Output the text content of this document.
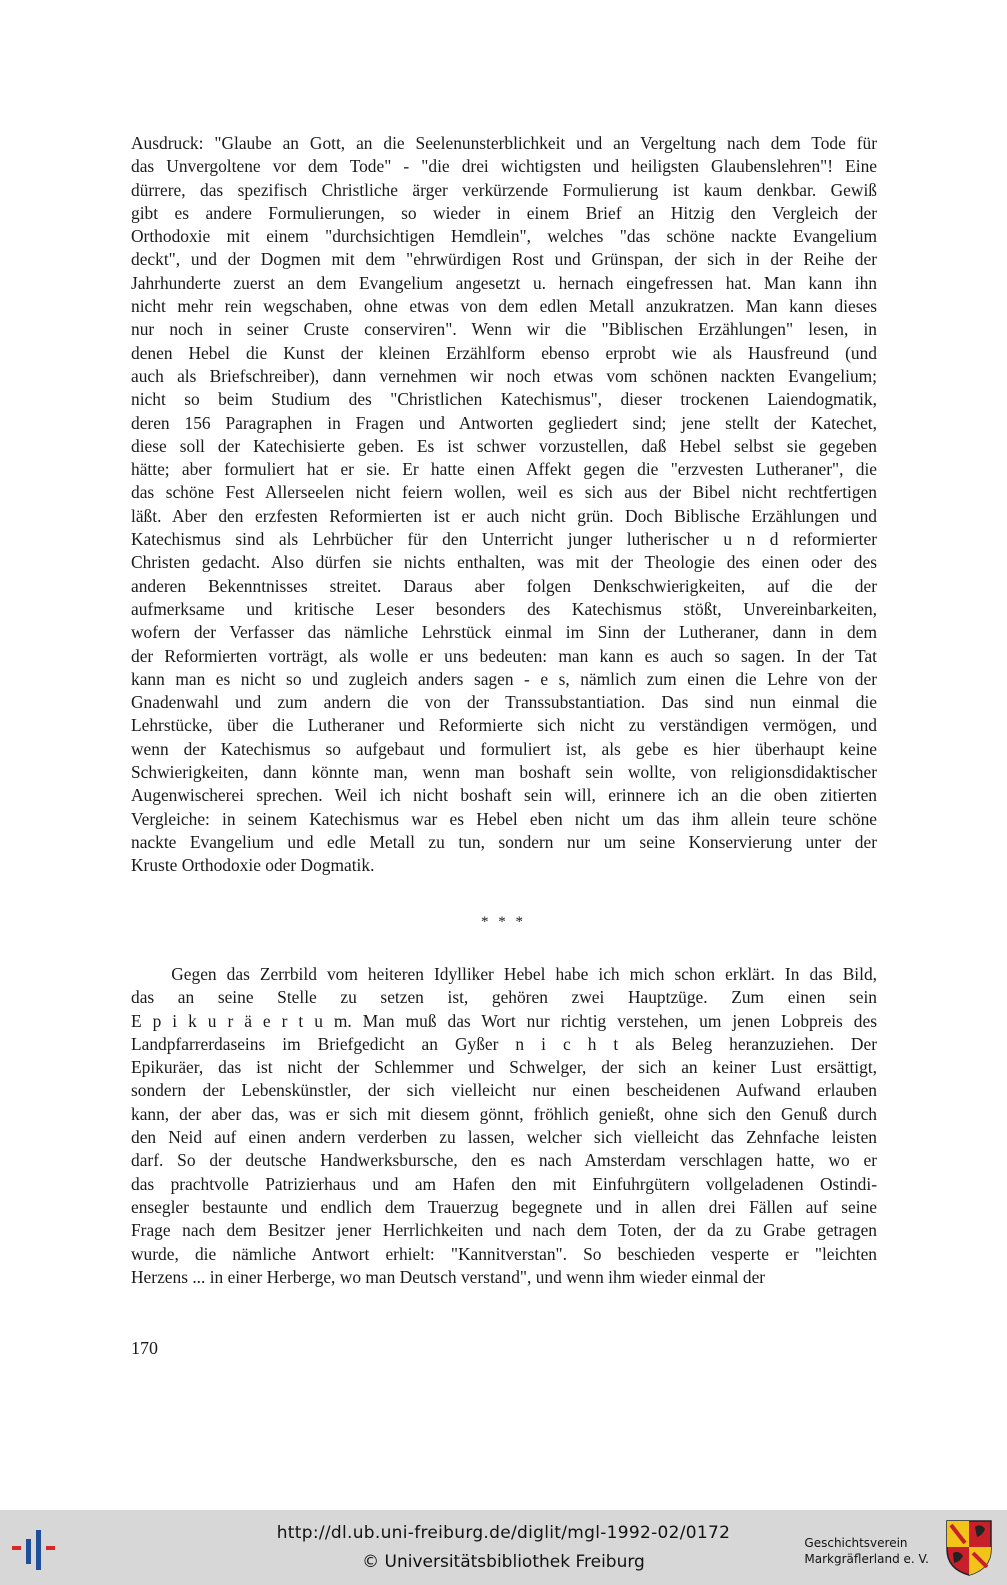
Ausdruck: "Glaube an Gott, an die Seelenunsterblichkeit und an Vergeltung nach dem Tode für
das Unvergoltene vor dem Tode" - "die drei wichtigsten und heiligsten Glaubenslehren"! Eine
dürrere, das spezifisch Christliche ärger verkürzende Formulierung ist kaum denkbar. Gewiß
gibt es andere Formulierungen, so wieder in einem Brief an Hitzig den Vergleich der
Orthodoxie mit einem "durchsichtigen Hemdlein", welches "das schöne nackte Evangelium
deckt", und der Dogmen mit dem "ehrwürdigen Rost und Grünspan, der sich in der Reihe der
Jahrhunderte zuerst an dem Evangelium angesetzt u. hernach eingefressen hat. Man kann ihn
nicht mehr rein wegschaben, ohne etwas von dem edlen Metall anzukratzen. Man kann dieses
nur noch in seiner Cruste conserviren". Wenn wir die "Biblischen Erzählungen" lesen, in
denen Hebel die Kunst der kleinen Erzählform ebenso erprobt wie als Hausfreund (und
auch als Briefschreiber), dann vernehmen wir noch etwas vom schönen nackten Evangelium;
nicht so beim Studium des "Christlichen Katechismus", dieser trockenen Laiendogmatik,
deren 156 Paragraphen in Fragen und Antworten gegliedert sind; jene stellt der Katechet,
diese soll der Katechisierte geben. Es ist schwer vorzustellen, daß Hebel selbst sie gegeben
hätte; aber formuliert hat er sie. Er hatte einen Affekt gegen die "erzvesten Lutheraner", die
das schöne Fest Allerseelen nicht feiern wollen, weil es sich aus der Bibel nicht rechtfertigen
läßt. Aber den erzfesten Reformierten ist er auch nicht grün. Doch Biblische Erzählungen und
Katechismus sind als Lehrbücher für den Unterricht junger lutherischer u n d reformierter
Christen gedacht. Also dürfen sie nichts enthalten, was mit der Theologie des einen oder des
anderen Bekenntnisses streitet. Daraus aber folgen Denkschwierigkeiten, auf die der
aufmerksame und kritische Leser besonders des Katechismus stößt, Unvereinbarkeiten,
wofern der Verfasser das nämliche Lehrstück einmal im Sinn der Lutheraner, dann in dem
der Reformierten vorträgt, als wolle er uns bedeuten: man kann es auch so sagen. In der Tat
kann man es nicht so und zugleich anders sagen - e s, nämlich zum einen die Lehre von der
Gnadenwahl und zum andern die von der Transsubstantiation. Das sind nun einmal die
Lehrstücke, über die Lutheraner und Reformierte sich nicht zu verständigen vermögen, und
wenn der Katechismus so aufgebaut und formuliert ist, als gebe es hier überhaupt keine
Schwierigkeiten, dann könnte man, wenn man boshaft sein wollte, von religionsdidaktischer
Augenwischerei sprechen. Weil ich nicht boshaft sein will, erinnere ich an die oben zitierten
Vergleiche: in seinem Katechismus war es Hebel eben nicht um das ihm allein teure schöne
nackte Evangelium und edle Metall zu tun, sondern nur um seine Konservierung unter der
Kruste Orthodoxie oder Dogmatik.
* * *
Gegen das Zerrbild vom heiteren Idylliker Hebel habe ich mich schon erklärt. In das Bild,
das an seine Stelle zu setzen ist, gehören zwei Hauptzüge. Zum einen sein
E p i k u r ä e r t u m. Man muß das Wort nur richtig verstehen, um jenen Lobpreis des
Landpfarrerdaseins im Briefgedicht an Gyßer n i c h t als Beleg heranzuziehen. Der
Epikuräer, das ist nicht der Schlemmer und Schwelger, der sich an keiner Lust ersättigt,
sondern der Lebenskünstler, der sich vielleicht nur einen bescheidenen Aufwand erlauben
kann, der aber das, was er sich mit diesem gönnt, fröhlich genießt, ohne sich den Genuß durch
den Neid auf einen andern verderben zu lassen, welcher sich vielleicht das Zehnfache leisten
darf. So der deutsche Handwerksbursche, den es nach Amsterdam verschlagen hatte, wo er
das prachtvolle Patrizierhaus und am Hafen den mit Einfuhrgütern vollgeladenen Ostindi-
ensegler bestaunte und endlich dem Trauerzug begegnete und in allen drei Fällen auf seine
Frage nach dem Besitzer jener Herrlichkeiten und nach dem Toten, der da zu Grabe getragen
wurde, die nämliche Antwort erhielt: "Kannitverstan". So beschieden vesperte er "leichten
Herzens ... in einer Herberge, wo man Deutsch verstand", und wenn ihm wieder einmal der
170
http://dl.ub.uni-freiburg.de/diglit/mgl-1992-02/0172
© Universitätsbibliothek Freiburg
Geschichtsverein
Markgräflerland e. V.
